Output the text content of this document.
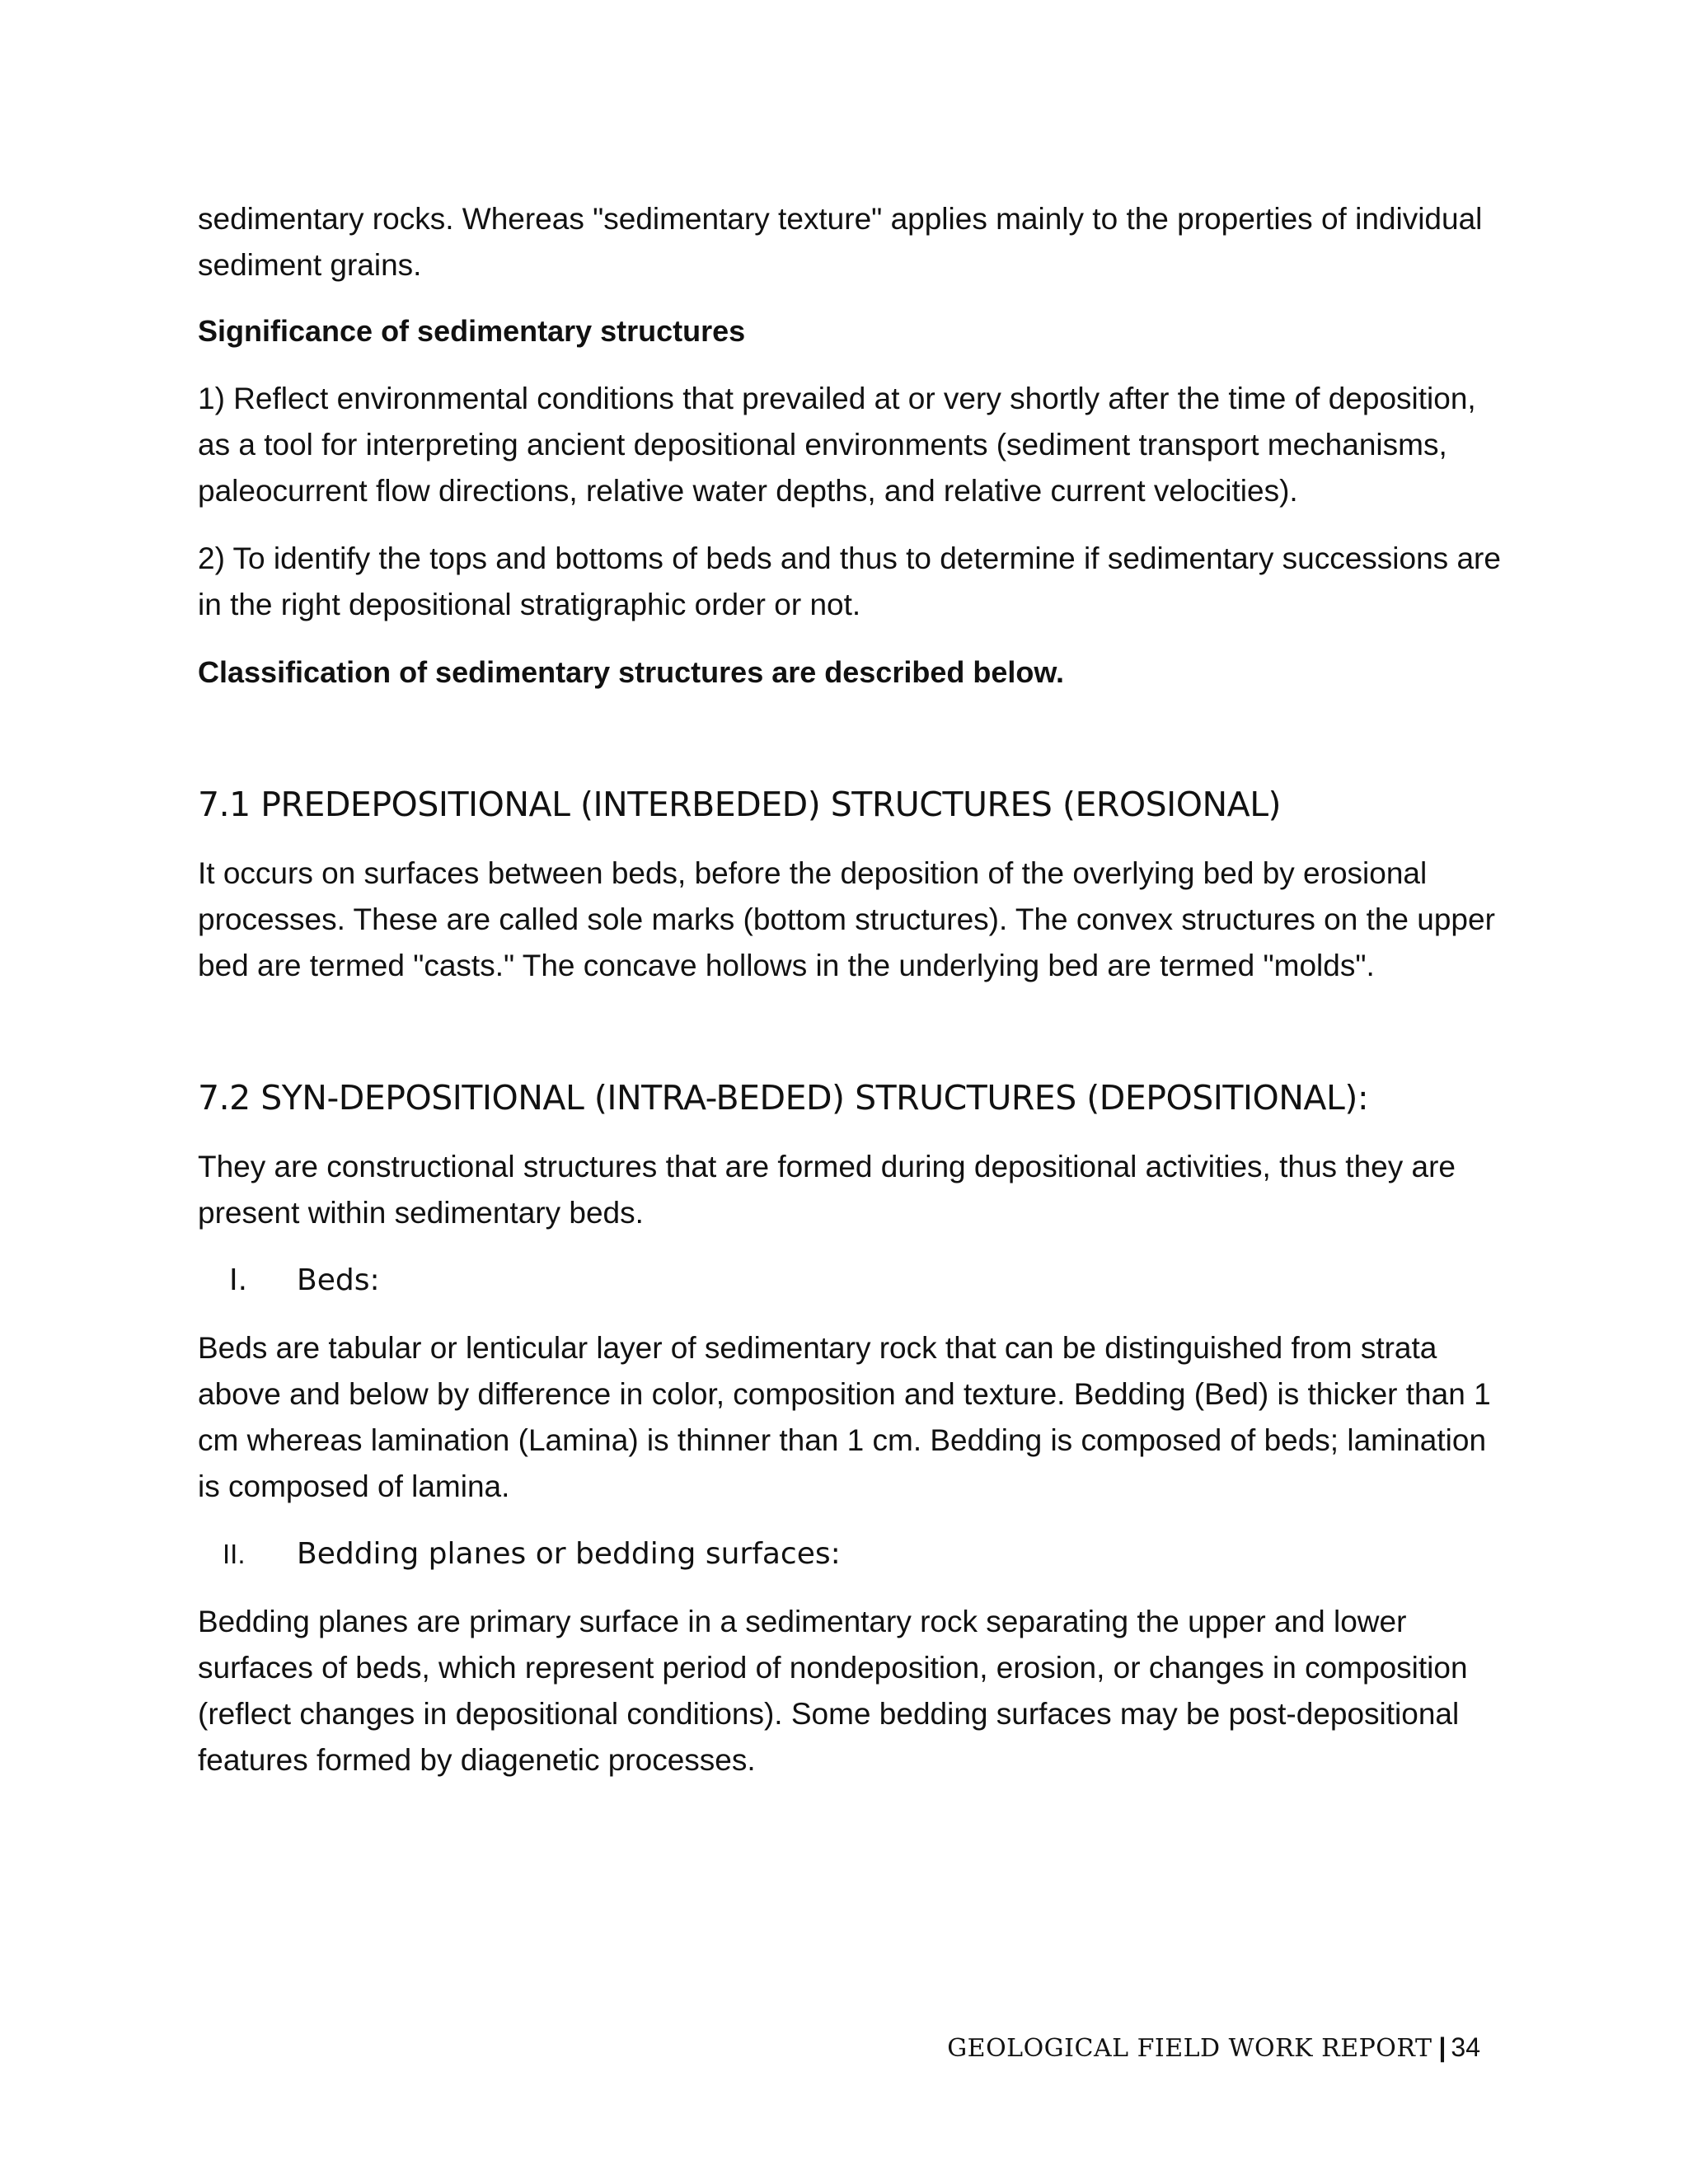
sedimentary rocks. Whereas "sedimentary texture" applies mainly to the properties of individual sediment grains.

Significance of sedimentary structures

1) Reflect environmental conditions that prevailed at or very shortly after the time of deposition, as a tool for interpreting ancient depositional environments (sediment transport mechanisms, paleocurrent flow directions, relative water depths, and relative current velocities).

2) To identify the tops and bottoms of beds and thus to determine if sedimentary successions are in the right depositional stratigraphic order or not.

Classification of sedimentary structures are described below.

7.1 PREDEPOSITIONAL (INTERBEDED) STRUCTURES (EROSIONAL)

It occurs on surfaces between beds, before the deposition of the overlying bed by erosional processes. These are called sole marks (bottom structures). The convex structures on the upper bed are termed "casts." The concave hollows in the underlying bed are termed "molds".

7.2 SYN-DEPOSITIONAL (INTRA-BEDED) STRUCTURES (DEPOSITIONAL):

They are constructional structures that are formed during depositional activities, thus they are present within sedimentary beds.

I.	Beds:

Beds are tabular or lenticular layer of sedimentary rock that can be distinguished from strata above and below by difference in color, composition and texture. Bedding (Bed) is thicker than 1 cm whereas lamination (Lamina) is thinner than 1 cm. Bedding is composed of beds; lamination is composed of lamina.

II.	Bedding planes or bedding surfaces:

Bedding planes are primary surface in a sedimentary rock separating the upper and lower surfaces of beds, which represent period of nondeposition, erosion, or changes in composition (reflect changes in depositional conditions). Some bedding surfaces may be post-depositional features formed by diagenetic processes.

GEOLOGICAL FIELD WORK REPORT | 34
